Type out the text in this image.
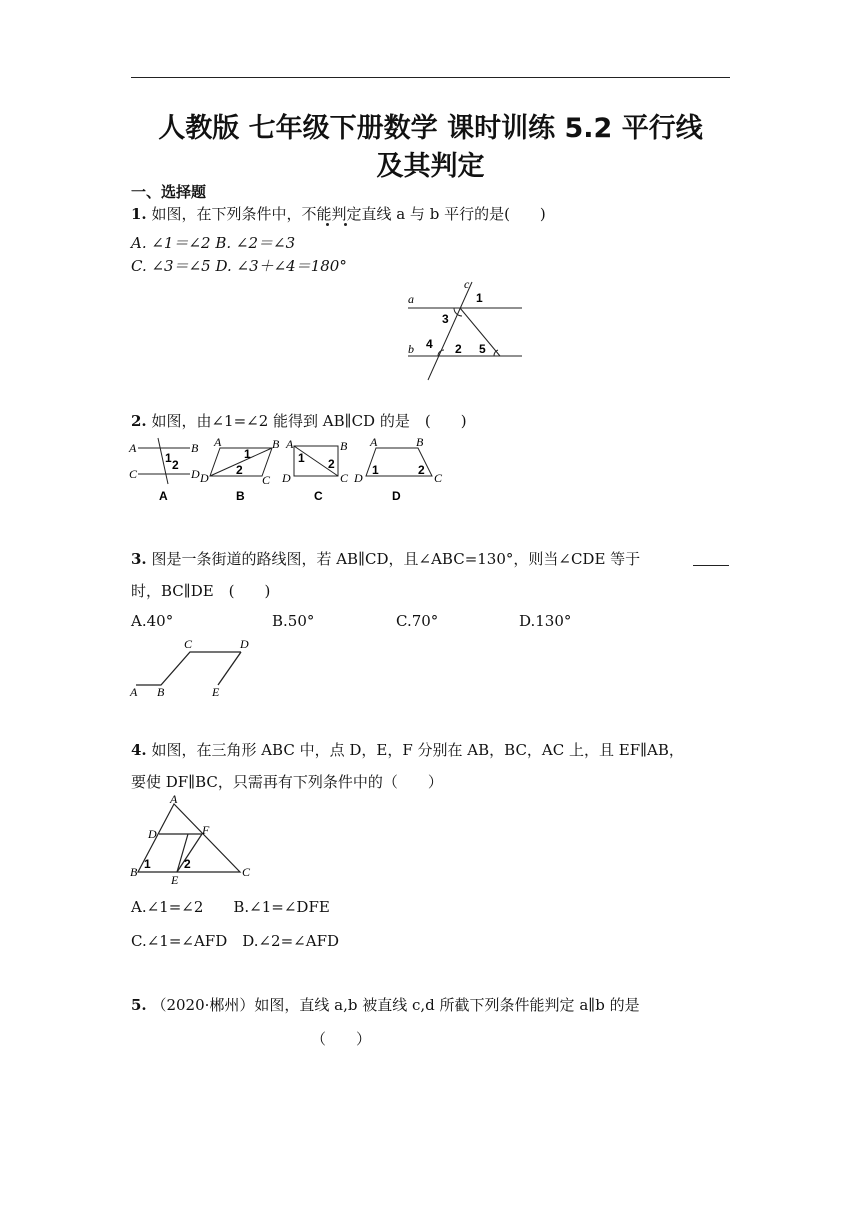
人教版 七年级下册数学 课时训练 5.2 平行线
及其判定
一、选择题
1. 如图，在下列条件中，不能判定直线 a 与 b 平行的是(　　)
A. ∠1＝∠2 B. ∠2＝∠3
C. ∠3＝∠5 D. ∠3＋∠4＝180°
a
b
c
1
3
4 2 5
2. 如图，由∠1=∠2 能得到 AB∥CD 的是　(　　)
A	B
C	D
1 2
A
A	B
D	C
1
2
B
A	B
D	C
1 2
C
A	B
D	C
1	2
D
3. 图是一条街道的路线图，若 AB∥CD，且∠ABC=130°，则当∠CDE 等于
时，BC∥DE　(　　)
A.40°	B.50°	C.70°	D.130°
A B
C	D
E
4. 如图，在三角形 ABC 中，点 D，E，F 分别在 AB，BC，AC 上，且 EF∥AB，
要使 DF∥BC，只需再有下列条件中的（　　）
A
D	F
B
E
C
1	2
A.∠1=∠2　　B.∠1=∠DFE
C.∠1=∠AFD　D.∠2=∠AFD
5. （2020·郴州）如图，直线 a,b 被直线 c,d 所截下列条件能判定 a∥b 的是
（　　）
